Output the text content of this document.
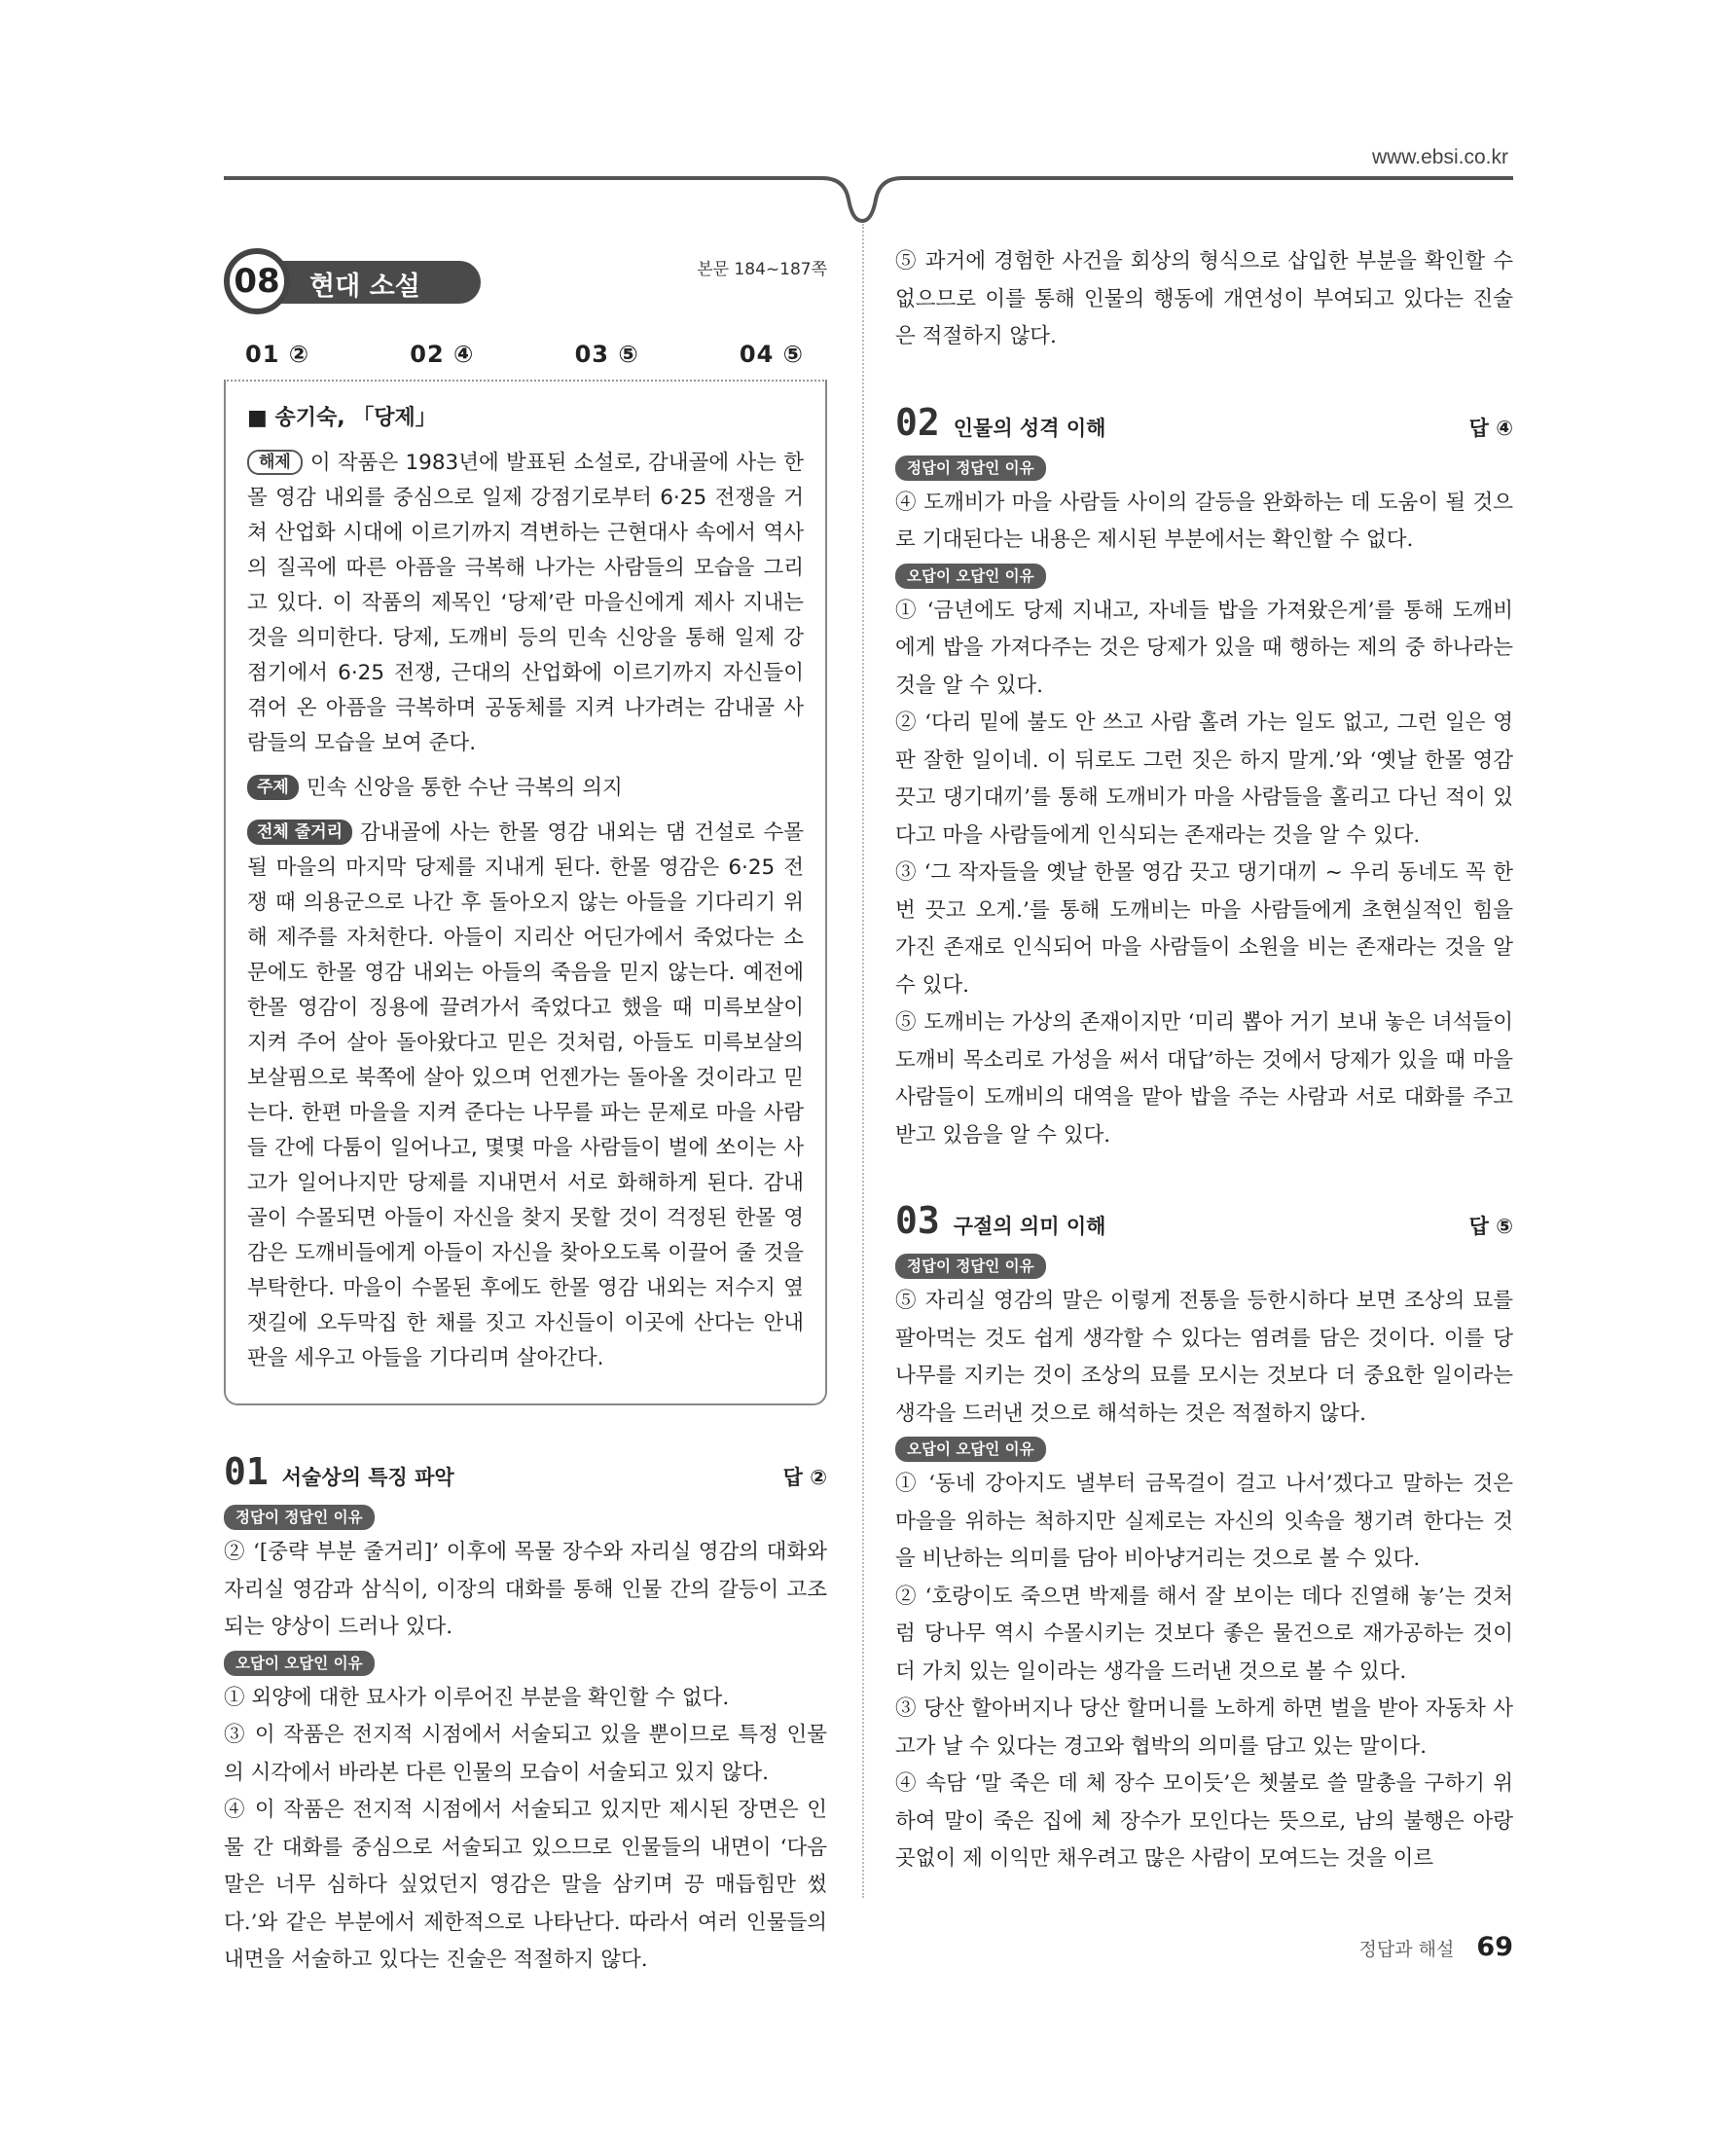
www.ebsi.co.kr
08	현대 소설
본문 184~187쪽
01 ②	02 ④	03 ⑤	04 ⑤
■ 송기숙, 「당제」

해제 이 작품은 1983년에 발표된 소설로, 감내골에 사는 한몰 영감 내외를 중심으로 일제 강점기로부터 6·25 전쟁을 거쳐 산업화 시대에 이르기까지 격변하는 근현대사 속에서 역사의 질곡에 따른 아픔을 극복해 나가는 사람들의 모습을 그리고 있다. 이 작품의 제목인 ‘당제’란 마을신에게 제사 지내는 것을 의미한다. 당제, 도깨비 등의 민속 신앙을 통해 일제 강점기에서 6·25 전쟁, 근대의 산업화에 이르기까지 자신들이 겪어 온 아픔을 극복하며 공동체를 지켜 나가려는 감내골 사람들의 모습을 보여 준다.

주제 민속 신앙을 통한 수난 극복의 의지

전체 줄거리 감내골에 사는 한몰 영감 내외는 댐 건설로 수몰될 마을의 마지막 당제를 지내게 된다. 한몰 영감은 6·25 전쟁 때 의용군으로 나간 후 돌아오지 않는 아들을 기다리기 위해 제주를 자처한다. 아들이 지리산 어딘가에서 죽었다는 소문에도 한몰 영감 내외는 아들의 죽음을 믿지 않는다. 예전에 한몰 영감이 징용에 끌려가서 죽었다고 했을 때 미륵보살이 지켜 주어 살아 돌아왔다고 믿은 것처럼, 아들도 미륵보살의 보살핌으로 북쪽에 살아 있으며 언젠가는 돌아올 것이라고 믿는다. 한편 마을을 지켜 준다는 나무를 파는 문제로 마을 사람들 간에 다툼이 일어나고, 몇몇 마을 사람들이 벌에 쏘이는 사고가 일어나지만 당제를 지내면서 서로 화해하게 된다. 감내골이 수몰되면 아들이 자신을 찾지 못할 것이 걱정된 한몰 영감은 도깨비들에게 아들이 자신을 찾아오도록 이끌어 줄 것을 부탁한다. 마을이 수몰된 후에도 한몰 영감 내외는 저수지 옆 잿길에 오두막집 한 채를 짓고 자신들이 이곳에 산다는 안내판을 세우고 아들을 기다리며 살아간다.

01 서술상의 특징 파악	답 ②
정답이 정답인 이유

② ‘[중략 부분 줄거리]’ 이후에 목물 장수와 자리실 영감의 대화와 자리실 영감과 삼식이, 이장의 대화를 통해 인물 간의 갈등이 고조되는 양상이 드러나 있다.

오답이 오답인 이유

① 외양에 대한 묘사가 이루어진 부분을 확인할 수 없다.

③ 이 작품은 전지적 시점에서 서술되고 있을 뿐이므로 특정 인물의 시각에서 바라본 다른 인물의 모습이 서술되고 있지 않다.

④ 이 작품은 전지적 시점에서 서술되고 있지만 제시된 장면은 인물 간 대화를 중심으로 서술되고 있으므로 인물들의 내면이 ‘다음 말은 너무 심하다 싶었던지 영감은 말을 삼키며 끙 매듭힘만 썼다.’와 같은 부분에서 제한적으로 나타난다. 따라서 여러 인물들의 내면을 서술하고 있다는 진술은 적절하지 않다.

⑤ 과거에 경험한 사건을 회상의 형식으로 삽입한 부분을 확인할 수 없으므로 이를 통해 인물의 행동에 개연성이 부여되고 있다는 진술은 적절하지 않다.

02 인물의 성격 이해	답 ④
정답이 정답인 이유

④ 도깨비가 마을 사람들 사이의 갈등을 완화하는 데 도움이 될 것으로 기대된다는 내용은 제시된 부분에서는 확인할 수 없다.

오답이 오답인 이유

① ‘금년에도 당제 지내고, 자네들 밥을 가져왔은게’를 통해 도깨비에게 밥을 가져다주는 것은 당제가 있을 때 행하는 제의 중 하나라는 것을 알 수 있다.

② ‘다리 밑에 불도 안 쓰고 사람 홀려 가는 일도 없고, 그런 일은 영판 잘한 일이네. 이 뒤로도 그런 짓은 하지 말게.’와 ‘옛날 한몰 영감 끗고 댕기대끼’를 통해 도깨비가 마을 사람들을 홀리고 다닌 적이 있다고 마을 사람들에게 인식되는 존재라는 것을 알 수 있다.

③ ‘그 작자들을 옛날 한몰 영감 끗고 댕기대끼 ~ 우리 동네도 꼭 한번 끗고 오게.’를 통해 도깨비는 마을 사람들에게 초현실적인 힘을 가진 존재로 인식되어 마을 사람들이 소원을 비는 존재라는 것을 알 수 있다.

⑤ 도깨비는 가상의 존재이지만 ‘미리 뽑아 거기 보내 놓은 녀석들이 도깨비 목소리로 가성을 써서 대답’하는 것에서 당제가 있을 때 마을 사람들이 도깨비의 대역을 맡아 밥을 주는 사람과 서로 대화를 주고받고 있음을 알 수 있다.

03 구절의 의미 이해	답 ⑤
정답이 정답인 이유

⑤ 자리실 영감의 말은 이렇게 전통을 등한시하다 보면 조상의 묘를 팔아먹는 것도 쉽게 생각할 수 있다는 염려를 담은 것이다. 이를 당나무를 지키는 것이 조상의 묘를 모시는 것보다 더 중요한 일이라는 생각을 드러낸 것으로 해석하는 것은 적절하지 않다.

오답이 오답인 이유

① ‘동네 강아지도 낼부터 금목걸이 걸고 나서’겠다고 말하는 것은 마을을 위하는 척하지만 실제로는 자신의 잇속을 챙기려 한다는 것을 비난하는 의미를 담아 비아냥거리는 것으로 볼 수 있다.

② ‘호랑이도 죽으면 박제를 해서 잘 보이는 데다 진열해 놓’는 것처럼 당나무 역시 수몰시키는 것보다 좋은 물건으로 재가공하는 것이 더 가치 있는 일이라는 생각을 드러낸 것으로 볼 수 있다.

③ 당산 할아버지나 당산 할머니를 노하게 하면 벌을 받아 자동차 사고가 날 수 있다는 경고와 협박의 의미를 담고 있는 말이다.

④ 속담 ‘말 죽은 데 체 장수 모이듯’은 쳇불로 쓸 말총을 구하기 위하여 말이 죽은 집에 체 장수가 모인다는 뜻으로, 남의 불행은 아랑곳없이 제 이익만 채우려고 많은 사람이 모여드는 것을 이르

정답과 해설 69
